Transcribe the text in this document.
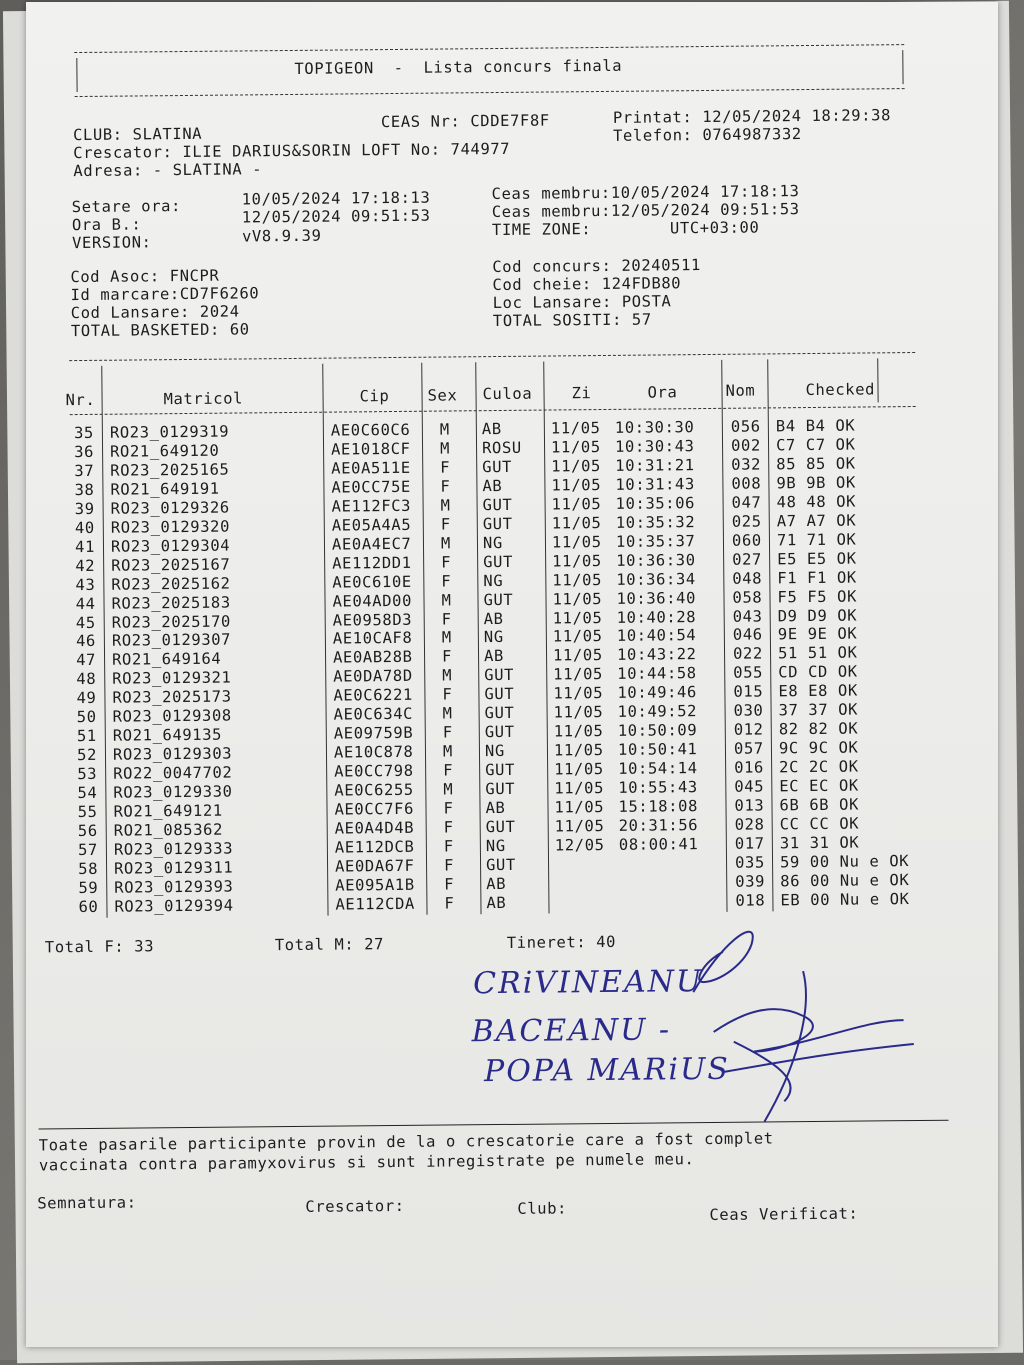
TOPIGEON  -  Lista concurs finala
CLUB: SLATINA
CEAS Nr: CDDE7F8F	Printat: 12/05/2024 18:29:38
Crescator: ILIE DARIUS&SORIN LOFT No: 744977
Telefon: 0764987332
Adresa: - SLATINA -
Setare ora:	10/05/2024 17:18:13	Ceas membru:10/05/2024 17:18:13
Ora B.:	12/05/2024 09:51:53	Ceas membru:12/05/2024 09:51:53
VERSION:	vV8.9.39	TIME ZONE:	UTC+03:00
Cod Asoc: FNCPR
Cod concurs: 20240511
Id marcare:CD7F6260
Cod cheie: 124FDB80
Cod Lansare: 2024
Loc Lansare: POSTA
TOTAL BASKETED: 60
TOTAL SOSITI: 57
Nr.	Matricol	Cip Sex Culoa	Zi	Ora	Nom	Checked
35 RO23_0129319	AE0C60C6 M AB	11/05 10:30:30 056 B4 B4 OK
36 RO21_649120	AE1018CF M ROSU 11/05 10:30:43 002 C7 C7 OK
37 RO23_2025165	AE0A511E F GUT	11/05 10:31:21 032 85 85 OK
38 RO21_649191	AE0CC75E F AB	11/05 10:31:43 008 9B 9B OK
39 RO23_0129326	AE112FC3 M GUT	11/05 10:35:06 047 48 48 OK
40 RO23_0129320	AE05A4A5 F GUT	11/05 10:35:32 025 A7 A7 OK
41 RO23_0129304	AE0A4EC7 M NG	11/05 10:35:37 060 71 71 OK
42 RO23_2025167	AE112DD1 F GUT	11/05 10:36:30 027 E5 E5 OK
43 RO23_2025162	AE0C610E F NG	11/05 10:36:34 048 F1 F1 OK
44 RO23_2025183	AE04AD00 M GUT	11/05 10:36:40 058 F5 F5 OK
45 RO23_2025170	AE0958D3 F AB	11/05 10:40:28 043 D9 D9 OK
46 RO23_0129307	AE10CAF8 M NG	11/05 10:40:54 046 9E 9E OK
47 RO21_649164	AE0AB28B F AB	11/05 10:43:22 022 51 51 OK
48 RO23_0129321	AE0DA78D M GUT	11/05 10:44:58 055 CD CD OK
49 RO23_2025173	AE0C6221 F GUT	11/05 10:49:46 015 E8 E8 OK
50 RO23_0129308	AE0C634C M GUT	11/05 10:49:52 030 37 37 OK
51 RO21_649135	AE09759B F GUT	11/05 10:50:09 012 82 82 OK
52 RO23_0129303	AE10C878 M NG	11/05 10:50:41 057 9C 9C OK
53 RO22_0047702	AE0CC798 F GUT	11/05 10:54:14 016 2C 2C OK
54 RO23_0129330	AE0C6255 M GUT	11/05 10:55:43 045 EC EC OK
55 RO21_649121	AE0CC7F6 F AB	11/05 15:18:08 013 6B 6B OK
56 RO21_085362	AE0A4D4B F GUT	11/05 20:31:56 028 CC CC OK
57 RO23_0129333	AE112DCB F NG	12/05 08:00:41 017 31 31 OK
58 RO23_0129311	AE0DA67F F GUT	035 59 00 Nu e OK
59 RO23_0129393	AE095A1B F AB	039 86 00 Nu e OK
60 RO23_0129394	AE112CDA F AB	018 EB 00 Nu e OK
Total F: 33	Total M: 27	Tineret: 40
CRiVINEANU
BACEANU -
POPA MARiUS
Toate pasarile participante provin de la o crescatorie care a fost complet
vaccinata contra paramyxovirus si sunt inregistrate pe numele meu.
Semnatura:	Crescator:	Club:	Ceas Verificat:
